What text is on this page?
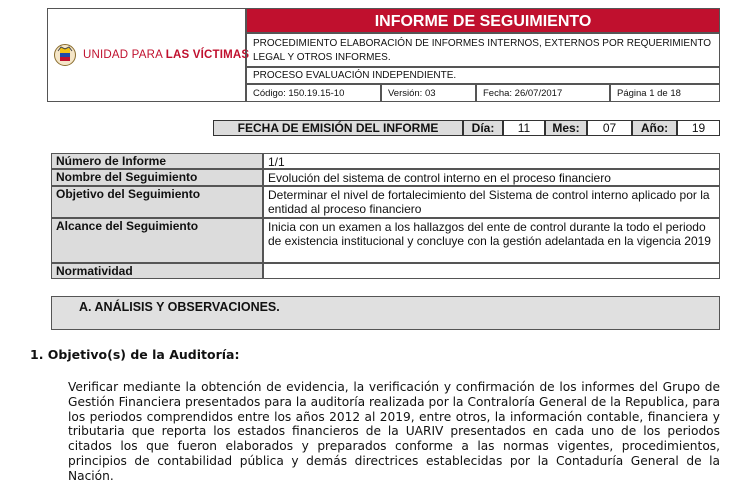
UNIDAD PARA LAS VÍCTIMAS
INFORME DE SEGUIMIENTO
PROCEDIMIENTO ELABORACIÓN DE INFORMES INTERNOS, EXTERNOS POR REQUERIMIENTO LEGAL Y OTROS INFORMES.
PROCESO EVALUACIÓN INDEPENDIENTE.
Código: 150.19.15-10	Versión: 03	Fecha: 26/07/2017	Página 1 de 18
FECHA DE EMISIÓN DEL INFORME	Día:	11	Mes:	07	Año:	19
Número de Informe	1/1
Nombre del Seguimiento	Evolución del sistema de control interno en el proceso financiero
Objetivo del Seguimiento	Determinar el nivel de fortalecimiento del Sistema de control interno aplicado por la entidad al proceso financiero
Alcance del Seguimiento	Inicia con un examen a los hallazgos del ente de control durante la todo el periodo de existencia institucional y concluye con la gestión adelantada en la vigencia 2019
Normatividad
A. ANÁLISIS Y OBSERVACIONES.
1. Objetivo(s) de la Auditoría:
Verificar mediante la obtención de evidencia, la verificación y confirmación de los informes del Grupo de Gestión Financiera presentados para la auditoría realizada por la Contraloría General de la Republica, para los periodos comprendidos entre los años 2012 al 2019, entre otros, la información contable, financiera y tributaria que reporta los estados financieros de la UARIV presentados en cada uno de los periodos citados los que fueron elaborados y preparados conforme a las normas vigentes, procedimientos, principios de contabilidad pública y demás directrices establecidas por la Contaduría General de la Nación.
